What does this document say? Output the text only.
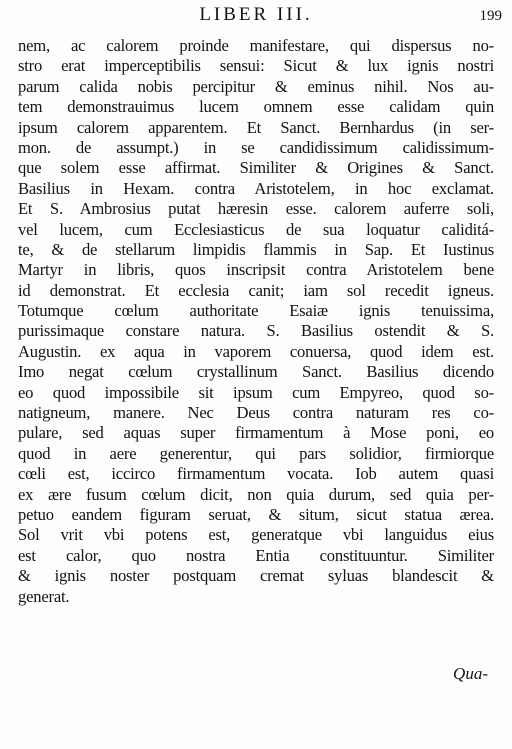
LIBER III.	199
nem, ac calorem proinde manifestare, qui dispersus no-
stro erat imperceptibilis sensui: Sicut & lux ignis nostri
parum calida nobis percipitur & eminus nihil. Nos au-
tem demonstrauimus lucem omnem esse calidam quin
ipsum calorem apparentem. Et Sanct. Bernhardus (in ser-
mon. de assumpt.) in se candidissimum calidissimum-
que solem esse affirmat. Similiter & Origines & Sanct.
Basilius in Hexam. contra Aristotelem, in hoc exclamat.
Et S. Ambrosius putat hæresin esse. calorem auferre soli,
vel lucem, cum Ecclesiasticus de sua loquatur caliditá-
te, & de stellarum limpidis flammis in Sap. Et Iustinus
Martyr in libris, quos inscripsit contra Aristotelem bene
id demonstrat. Et ecclesia canit; iam sol recedit igneus.
Totumque cœlum authoritate Esaiæ ignis tenuissima,
purissimaque constare natura. S. Basilius ostendit & S.
Augustin. ex aqua in vaporem conuersa, quod idem est.
Imo negat cœlum crystallinum Sanct. Basilius dicendo
eo quod impossibile sit ipsum cum Empyreo, quod so-
natigneum, manere. Nec Deus contra naturam res co-
pulare, sed aquas super firmamentum à Mose poni, eo
quod in aere generentur, qui pars solidior, firmiorque
cœli est, iccirco firmamentum vocata. Iob autem quasi
ex ære fusum cœlum dicit, non quia durum, sed quia per-
petuo eandem figuram seruat, & situm, sicut statua ærea.
Sol vrit vbi potens est, generatque vbi languidus eius
est calor, quo nostra Entia constituuntur. Similiter
& ignis noster postquam cremat syluas blandescit &
generat.
Qua-
